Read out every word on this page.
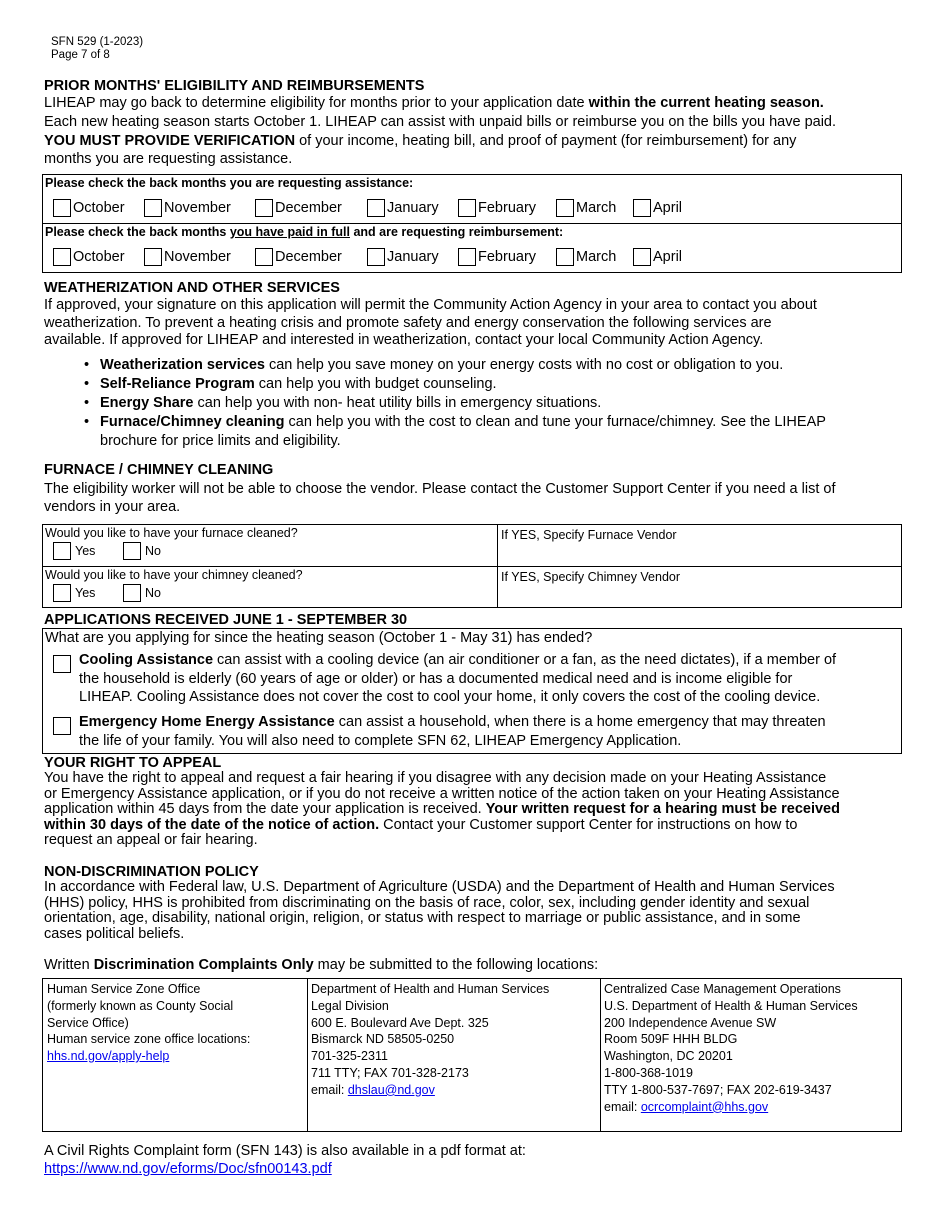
SFN 529 (1-2023)
Page 7 of 8
PRIOR MONTHS' ELIGIBILITY AND REIMBURSEMENTS
LIHEAP may go back to determine eligibility for months prior to your application date within the current heating season.
Each new heating season starts October 1. LIHEAP can assist with unpaid bills or reimburse you on the bills you have paid.
YOU MUST PROVIDE VERIFICATION of your income, heating bill, and proof of payment (for reimbursement) for any
months you are requesting assistance.
Please check the back months you are requesting assistance:
Please check the back months you have paid in full and are requesting reimbursement:
October	November	December	January	February	March	April
October	November	December	January	February	March	April
WEATHERIZATION AND OTHER SERVICES
If approved, your signature on this application will permit the Community Action Agency in your area to contact you about
weatherization. To prevent a heating crisis and promote safety and energy conservation the following services are
available. If approved for LIHEAP and interested in weatherization, contact your local Community Action Agency.
• Weatherization services can help you save money on your energy costs with no cost or obligation to you.
• Self-Reliance Program can help you with budget counseling.
• Energy Share can help you with non- heat utility bills in emergency situations.
• Furnace/Chimney cleaning can help you with the cost to clean and tune your furnace/chimney. See the LIHEAP
brochure for price limits and eligibility.
FURNACE / CHIMNEY CLEANING
The eligibility worker will not be able to choose the vendor. Please contact the Customer Support Center if you need a list of
vendors in your area.
Would you like to have your furnace cleaned?
Yes	No
If YES, Specify Furnace Vendor
Would you like to have your chimney cleaned?
Yes	No
If YES, Specify Chimney Vendor
APPLICATIONS RECEIVED JUNE 1 - SEPTEMBER 30
What are you applying for since the heating season (October 1 - May 31) has ended?
Cooling Assistance can assist with a cooling device (an air conditioner or a fan, as the need dictates), if a member of
the household is elderly (60 years of age or older) or has a documented medical need and is income eligible for
LIHEAP. Cooling Assistance does not cover the cost to cool your home, it only covers the cost of the cooling device.
Emergency Home Energy Assistance can assist a household, when there is a home emergency that may threaten
the life of your family. You will also need to complete SFN 62, LIHEAP Emergency Application.
YOUR RIGHT TO APPEAL
You have the right to appeal and request a fair hearing if you disagree with any decision made on your Heating Assistance
or Emergency Assistance application, or if you do not receive a written notice of the action taken on your Heating Assistance
application within 45 days from the date your application is received. Your written request for a hearing must be received
within 30 days of the date of the notice of action. Contact your Customer support Center for instructions on how to
request an appeal or fair hearing.
NON-DISCRIMINATION POLICY
In accordance with Federal law, U.S. Department of Agriculture (USDA) and the Department of Health and Human Services
(HHS) policy, HHS is prohibited from discriminating on the basis of race, color, sex, including gender identity and sexual
orientation, age, disability, national origin, religion, or status with respect to marriage or public assistance, and in some
cases political beliefs.
Written Discrimination Complaints Only may be submitted to the following locations:
Human Service Zone Office
(formerly known as County Social
Service Office)
Human service zone office locations:
hhs.nd.gov/apply-help
Department of Health and Human Services
Legal Division
600 E. Boulevard Ave Dept. 325
Bismarck ND 58505-0250
701-325-2311
711 TTY; FAX 701-328-2173
email: dhslau@nd.gov
Centralized Case Management Operations
U.S. Department of Health & Human Services
200 Independence Avenue SW
Room 509F HHH BLDG
Washington, DC 20201
1-800-368-1019
TTY 1-800-537-7697; FAX 202-619-3437
email: ocrcomplaint@hhs.gov
A Civil Rights Complaint form (SFN 143) is also available in a pdf format at:
https://www.nd.gov/eforms/Doc/sfn00143.pdf
